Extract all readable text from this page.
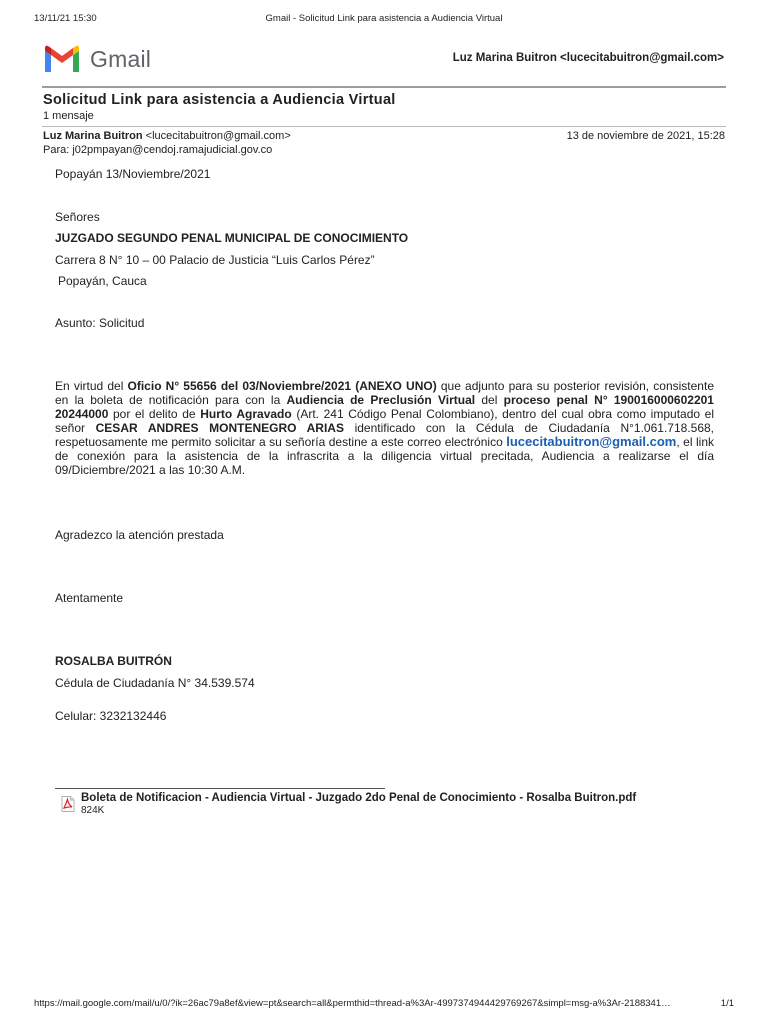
13/11/21 15:30	Gmail - Solicitud Link para asistencia a Audiencia Virtual
Gmail	Luz Marina Buitron <lucecitabuitron@gmail.com>
Solicitud Link para asistencia a Audiencia Virtual
1 mensaje
Luz Marina Buitron <lucecitabuitron@gmail.com>
Para: j02pmpayan@cendoj.ramajudicial.gov.co
13 de noviembre de 2021, 15:28
Popayán 13/Noviembre/2021
Señores
JUZGADO SEGUNDO PENAL MUNICIPAL DE CONOCIMIENTO
Carrera 8 N° 10 – 00 Palacio de Justicia “Luis Carlos Pérez”
Popayán, Cauca
Asunto: Solicitud
En virtud del Oficio N° 55656 del 03/Noviembre/2021 (ANEXO UNO) que adjunto para su posterior revisión, consistente en la boleta de notificación para con la Audiencia de Preclusión Virtual del proceso penal N° 190016000602201 20244000 por el delito de Hurto Agravado (Art. 241 Código Penal Colombiano), dentro del cual obra como imputado el señor CESAR ANDRES MONTENEGRO ARIAS identificado con la Cédula de Ciudadanía N°1.061.718.568, respetuosamente me permito solicitar a su señoría destine a este correo electrónico lucecitabuitron@gmail.com, el link de conexión para la asistencia de la infrascrita a la diligencia virtual precitada, Audiencia a realizarse el día 09/Diciembre/2021 a las 10:30 A.M.
Agradezco la atención prestada
Atentamente
ROSALBA BUITRÓN
Cédula de Ciudadanía N° 34.539.574
Celular: 3232132446
Boleta de Notificacion - Audiencia Virtual - Juzgado 2do Penal de Conocimiento - Rosalba Buitron.pdf
824K
https://mail.google.com/mail/u/0/?ik=26ac79a8ef&view=pt&search=all&permthid=thread-a%3Ar-4997374944429769267&simpl=msg-a%3Ar-2188341…	1/1
